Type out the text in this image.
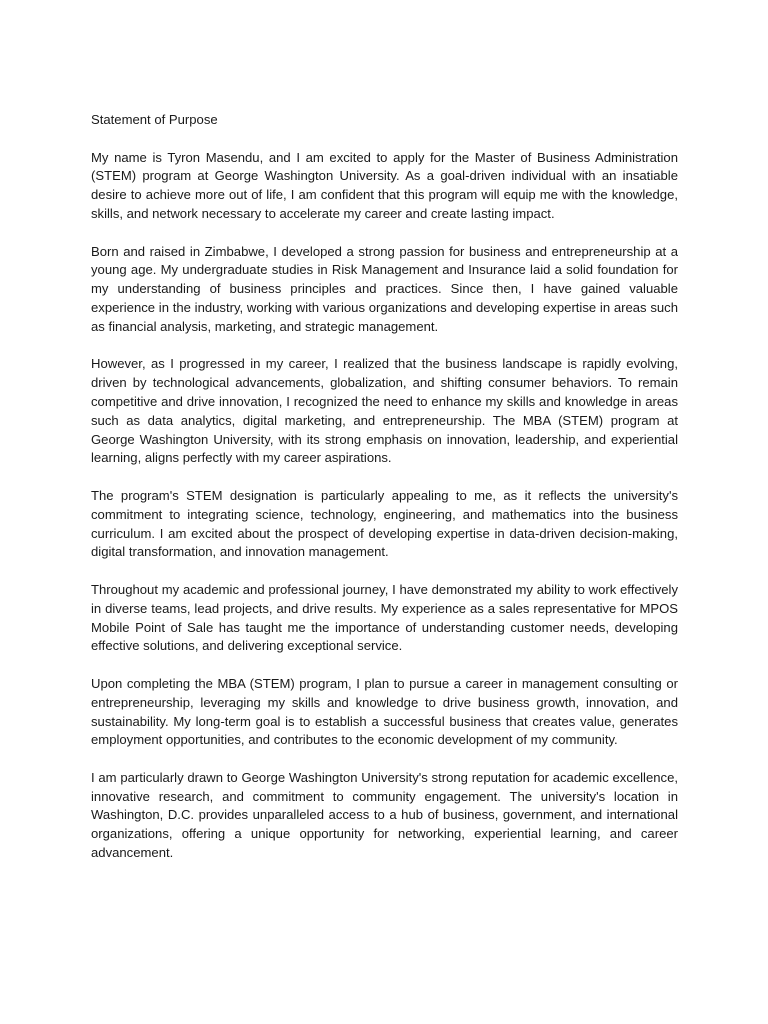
Statement of Purpose

My name is Tyron Masendu, and I am excited to apply for the Master of Business Administration (STEM) program at George Washington University. As a goal-driven individual with an insatiable desire to achieve more out of life, I am confident that this program will equip me with the knowledge, skills, and network necessary to accelerate my career and create lasting impact.

Born and raised in Zimbabwe, I developed a strong passion for business and entrepreneurship at a young age. My undergraduate studies in Risk Management and Insurance laid a solid foundation for my understanding of business principles and practices. Since then, I have gained valuable experience in the industry, working with various organizations and developing expertise in areas such as financial analysis, marketing, and strategic management.

However, as I progressed in my career, I realized that the business landscape is rapidly evolving, driven by technological advancements, globalization, and shifting consumer behaviors. To remain competitive and drive innovation, I recognized the need to enhance my skills and knowledge in areas such as data analytics, digital marketing, and entrepreneurship. The MBA (STEM) program at George Washington University, with its strong emphasis on innovation, leadership, and experiential learning, aligns perfectly with my career aspirations.

The program's STEM designation is particularly appealing to me, as it reflects the university's commitment to integrating science, technology, engineering, and mathematics into the business curriculum. I am excited about the prospect of developing expertise in data-driven decision-making, digital transformation, and innovation management.

Throughout my academic and professional journey, I have demonstrated my ability to work effectively in diverse teams, lead projects, and drive results. My experience as a sales representative for MPOS Mobile Point of Sale has taught me the importance of understanding customer needs, developing effective solutions, and delivering exceptional service.

Upon completing the MBA (STEM) program, I plan to pursue a career in management consulting or entrepreneurship, leveraging my skills and knowledge to drive business growth, innovation, and sustainability. My long-term goal is to establish a successful business that creates value, generates employment opportunities, and contributes to the economic development of my community.

I am particularly drawn to George Washington University's strong reputation for academic excellence, innovative research, and commitment to community engagement. The university's location in Washington, D.C. provides unparalleled access to a hub of business, government, and international organizations, offering a unique opportunity for networking, experiential learning, and career advancement.
